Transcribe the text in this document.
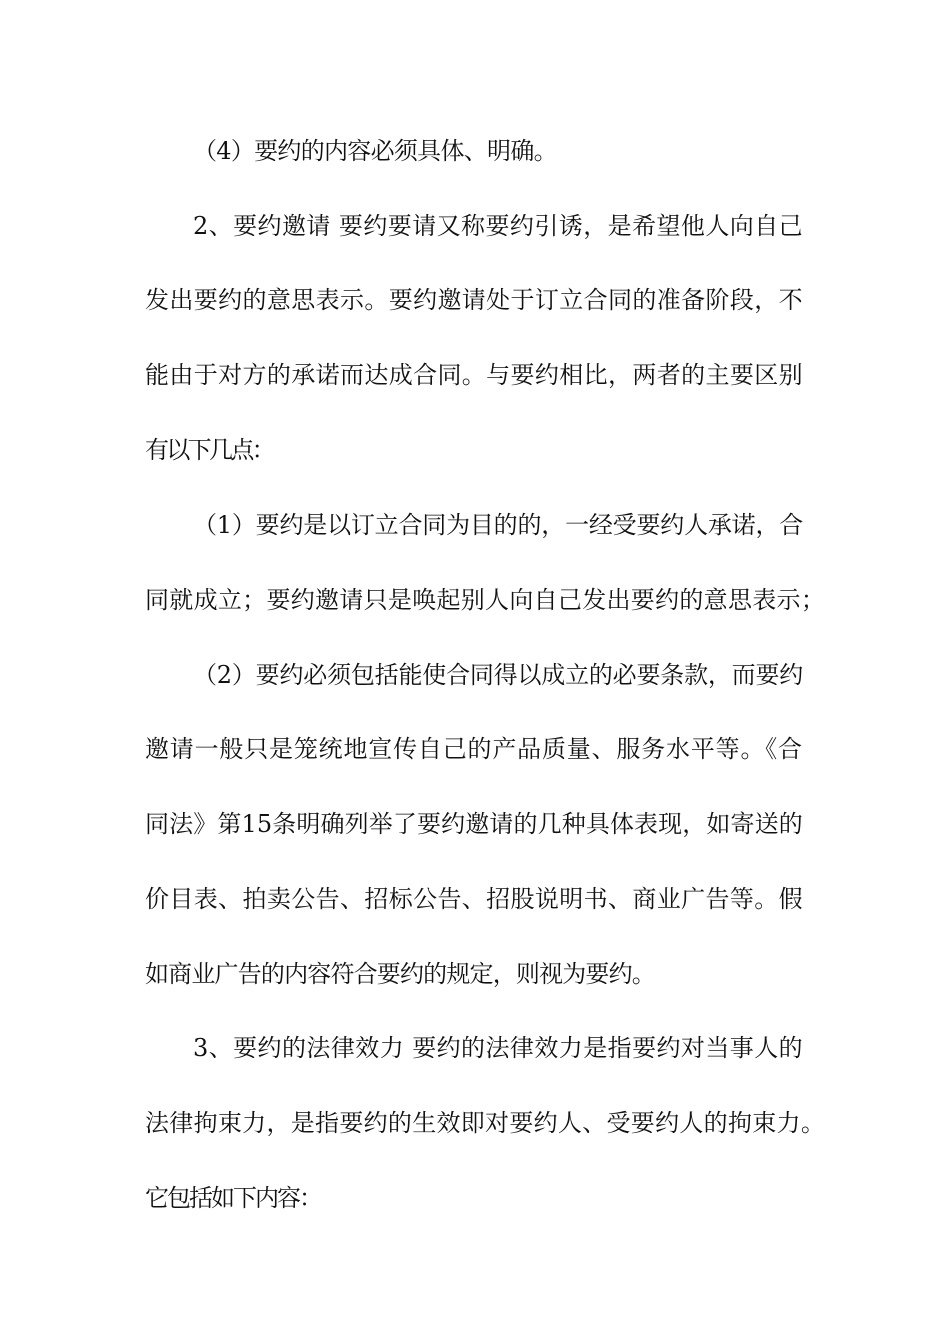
（4）要约的内容必须具体、明确。
2、要约邀请 要约要请又称要约引诱，是希望他人向自己
发出要约的意思表示。要约邀请处于订立合同的准备阶段，不
能由于对方的承诺而达成合同。与要约相比，两者的主要区别
有以下几点：
（1）要约是以订立合同为目的的，一经受要约人承诺，合
同就成立；要约邀请只是唤起别人向自己发出要约的意思表示；
（2）要约必须包括能使合同得以成立的必要条款，而要约
邀请一般只是笼统地宣传自己的产品质量、服务水平等。《合
同法》第15条明确列举了要约邀请的几种具体表现，如寄送的
价目表、拍卖公告、招标公告、招股说明书、商业广告等。假
如商业广告的内容符合要约的规定，则视为要约。
3、要约的法律效力 要约的法律效力是指要约对当事人的
法律拘束力，是指要约的生效即对要约人、受要约人的拘束力。
它包括如下内容：
